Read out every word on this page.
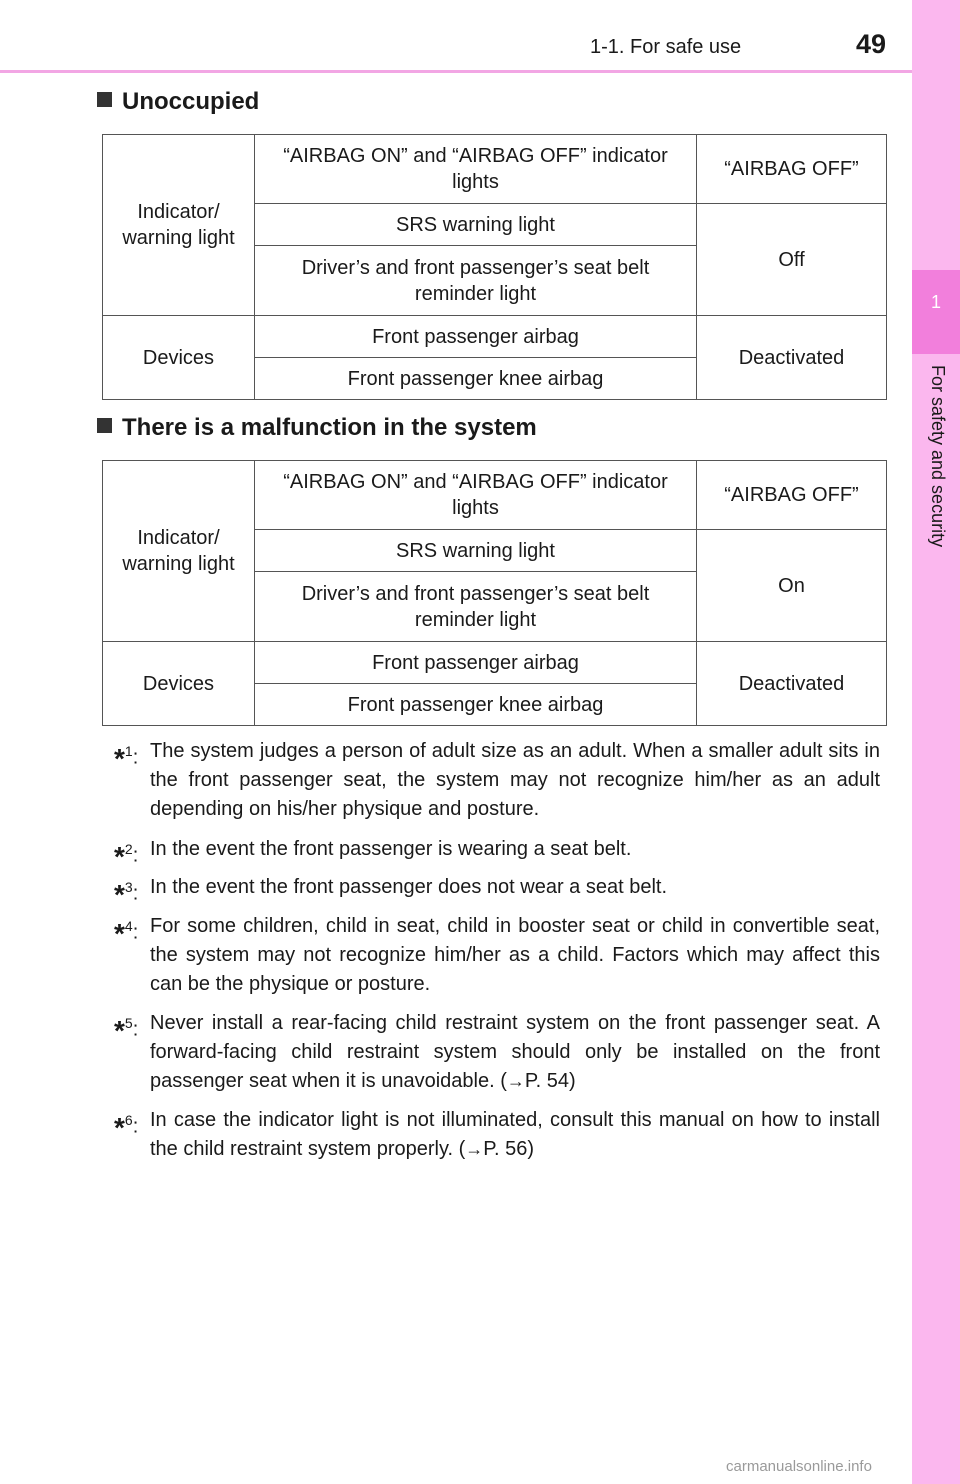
1-1. For safe use	49
1
For safety and security
Unoccupied
Indicator/ warning light	“AIRBAG ON” and “AIRBAG OFF” indicator lights	“AIRBAG OFF”
	SRS warning light	Off
	Driver’s and front passenger’s seat belt reminder light	
Devices	Front passenger airbag	Deactivated
	Front passenger knee airbag	
There is a malfunction in the system
Indicator/ warning light	“AIRBAG ON” and “AIRBAG OFF” indicator lights	“AIRBAG OFF”
	SRS warning light	On
	Driver’s and front passenger’s seat belt reminder light	
Devices	Front passenger airbag	Deactivated
	Front passenger knee airbag	
*$^1$: The system judges a person of adult size as an adult. When a smaller adult sits in the front passenger seat, the system may not recognize him/her as an adult depending on his/her physique and posture.
*$^2$: In the event the front passenger is wearing a seat belt.
*$^3$: In the event the front passenger does not wear a seat belt.
*$^4$: For some children, child in seat, child in booster seat or child in convertible seat, the system may not recognize him/her as a child. Factors which may affect this can be the physique or posture.
*$^5$: Never install a rear-facing child restraint system on the front passenger seat. A forward-facing child restraint system should only be installed on the front passenger seat when it is unavoidable. (→P. 54)
*$^6$: In case the indicator light is not illuminated, consult this manual on how to install the child restraint system properly. (→P. 56)
carmanualsonline.info
